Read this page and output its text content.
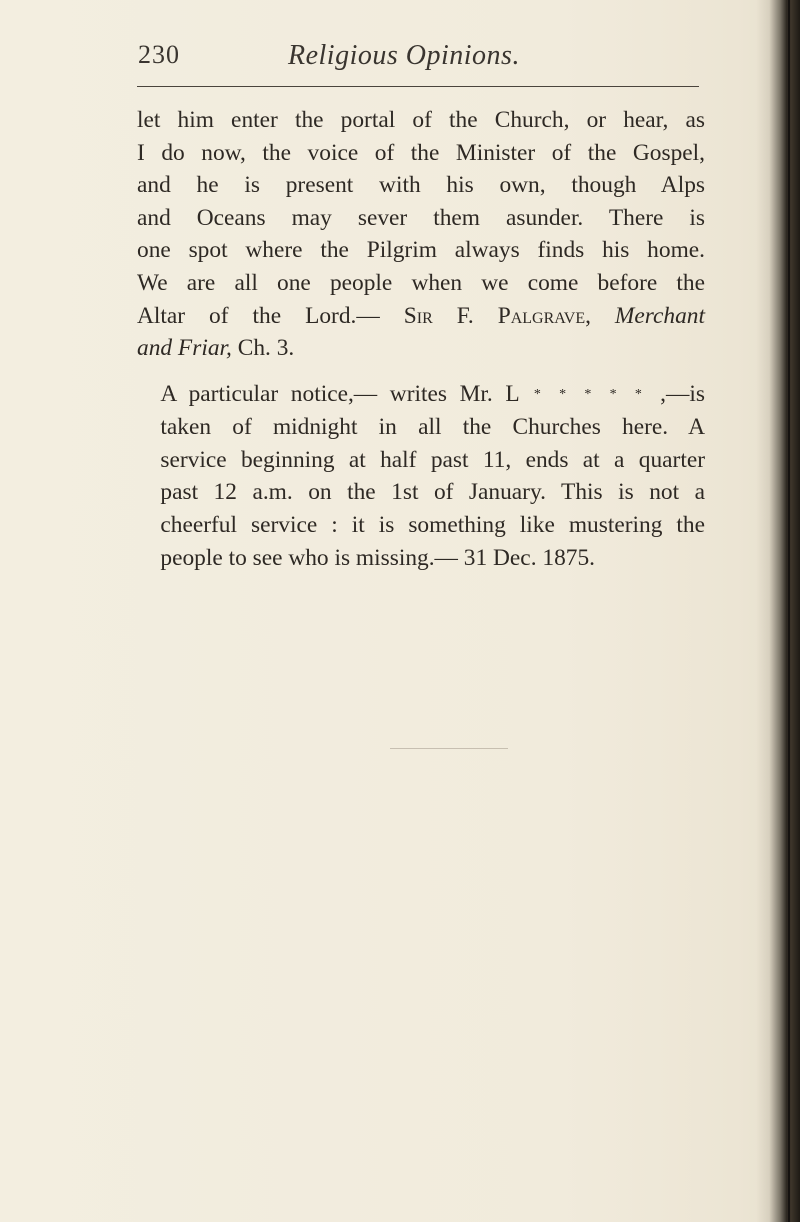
230	Religious Opinions.

let him enter the portal of the Church, or hear, as
I do now, the voice of the Minister of the Gospel,
and he is present with his own, though Alps
and Oceans may sever them asunder. There is
one spot where the Pilgrim always finds his home.
We are all one people when we come before the
Altar of the Lord.— Sir F. Palgrave, Merchant
and Friar, Ch. 3.

A particular notice,— writes Mr. L * * * * * ,—is
taken of midnight in all the Churches here. A
service beginning at half past 11, ends at a quarter
past 12 a.m. on the 1st of January. This is not a
cheerful service : it is something like mustering the
people to see who is missing.— 31 Dec. 1875.
